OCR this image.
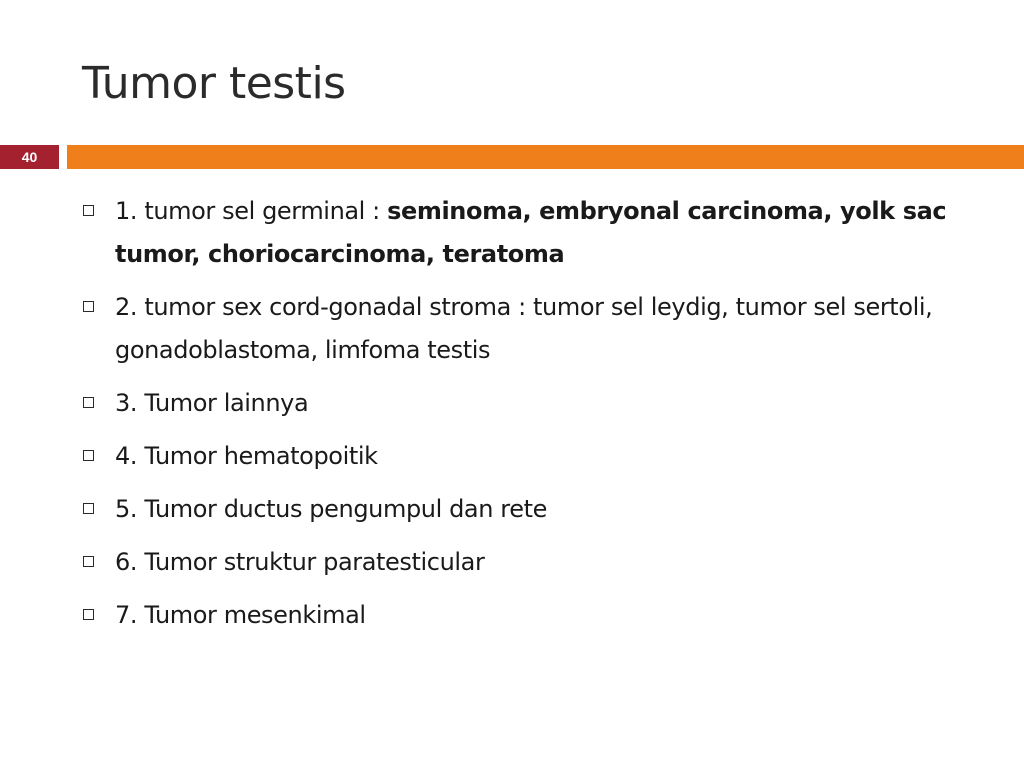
Tumor testis
40
1. tumor sel germinal : seminoma, embryonal carcinoma, yolk sac tumor, choriocarcinoma, teratoma
2. tumor sex cord-gonadal stroma : tumor sel leydig, tumor sel sertoli, gonadoblastoma, limfoma testis
3. Tumor lainnya
4. Tumor hematopoitik
5. Tumor ductus pengumpul dan rete
6. Tumor struktur paratesticular
7. Tumor mesenkimal
